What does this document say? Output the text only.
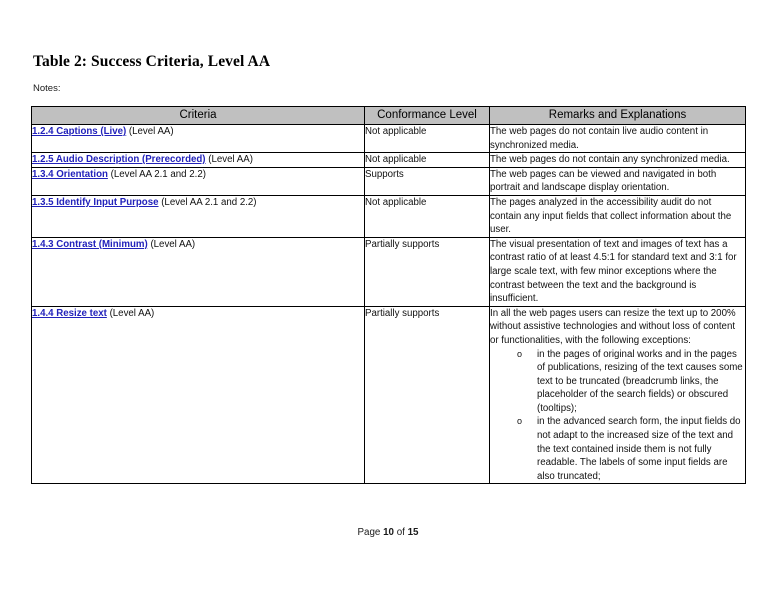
Table 2: Success Criteria, Level AA
Notes:
Criteria	Conformance Level	Remarks and Explanations
1.2.4 Captions (Live) (Level AA)	Not applicable	The web pages do not contain live audio content in synchronized media.

1.2.5 Audio Description (Prerecorded) (Level AA)	Not applicable	The web pages do not contain any synchronized media.

1.3.4 Orientation (Level AA 2.1 and 2.2)	Supports	The web pages can be viewed and navigated in both portrait and landscape display orientation.

1.3.5 Identify Input Purpose (Level AA 2.1 and 2.2)	Not applicable	The pages analyzed in the accessibility audit do not contain any input fields that collect information about the user.

1.4.3 Contrast (Minimum) (Level AA)	Partially supports	The visual presentation of text and images of text has a contrast ratio of at least 4.5:1 for standard text and 3:1 for large scale text, with few minor exceptions where the contrast between the text and the background is insufficient.

1.4.4 Resize text (Level AA)	Partially supports	In all the web pages users can resize the text up to 200% without assistive technologies and without loss of content or functionalities, with the following exceptions:

o in the pages of original works and in the pages of publications, resizing of the text causes some text to be truncated (breadcrumb links, the placeholder of the search fields) or obscured (tooltips);
o in the advanced search form, the input fields do not adapt to the increased size of the text and the text contained inside them is not fully readable. The labels of some input fields are also truncated;
Page 10 of 15
